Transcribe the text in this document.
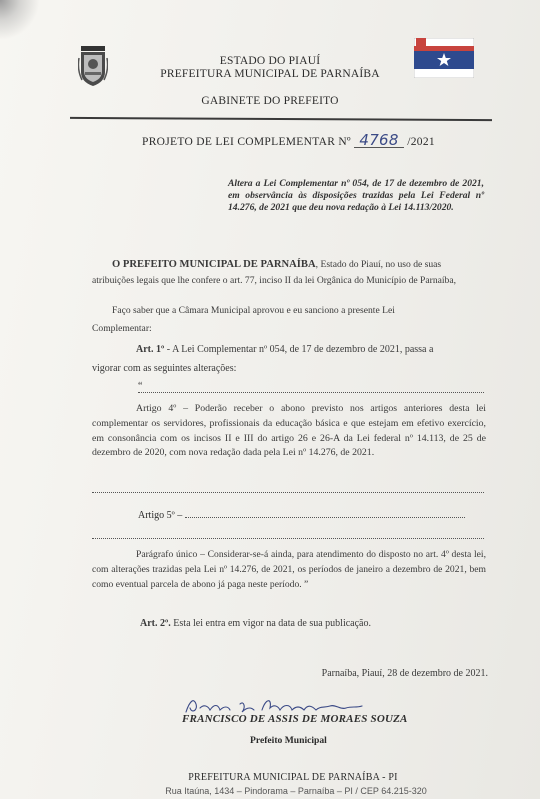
ESTADO DO PIAUÍ
PREFEITURA MUNICIPAL DE PARNAÍBA
GABINETE DO PREFEITO
PROJETO DE LEI COMPLEMENTAR Nº 4768 /2021
Altera a Lei Complementar nº 054, de 17 de dezembro de 2021, em observância às disposições trazidas pela Lei Federal nº 14.276, de 2021 que deu nova redação à Lei 14.113/2020.
O PREFEITO MUNICIPAL DE PARNAÍBA, Estado do Piauí, no uso de suas
atribuições legais que lhe confere o art. 77, inciso II da lei Orgânica do Município de Parnaíba,
Faço saber que a Câmara Municipal aprovou e eu sanciono a presente Lei
Complementar:
Art. 1º - A Lei Complementar nº 054, de 17 de dezembro de 2021, passa a
vigorar com as seguintes alterações:
“
Artigo 4º – Poderão receber o abono previsto nos artigos anteriores desta lei complementar os servidores, profissionais da educação básica e que estejam em efetivo exercício, em consonância com os incisos II e III do artigo 26 e 26-A da Lei federal nº 14.113, de 25 de dezembro de 2020, com nova redação dada pela Lei nº 14.276, de 2021.
Artigo 5º –
Parágrafo único – Considerar-se-á ainda, para atendimento do disposto no art. 4º desta lei, com alterações trazidas pela Lei nº 14.276, de 2021, os períodos de janeiro a dezembro de 2021, bem como eventual parcela de abono já paga neste período. ”
Art. 2º. Esta lei entra em vigor na data de sua publicação.
Parnaíba, Piauí, 28 de dezembro de 2021.
FRANCISCO DE ASSIS DE MORAES SOUZA
Prefeito Municipal
PREFEITURA MUNICIPAL DE PARNAÍBA - PI
Rua Itaúna, 1434 – Pindorama – Parnaíba – PI / CEP 64.215-320
